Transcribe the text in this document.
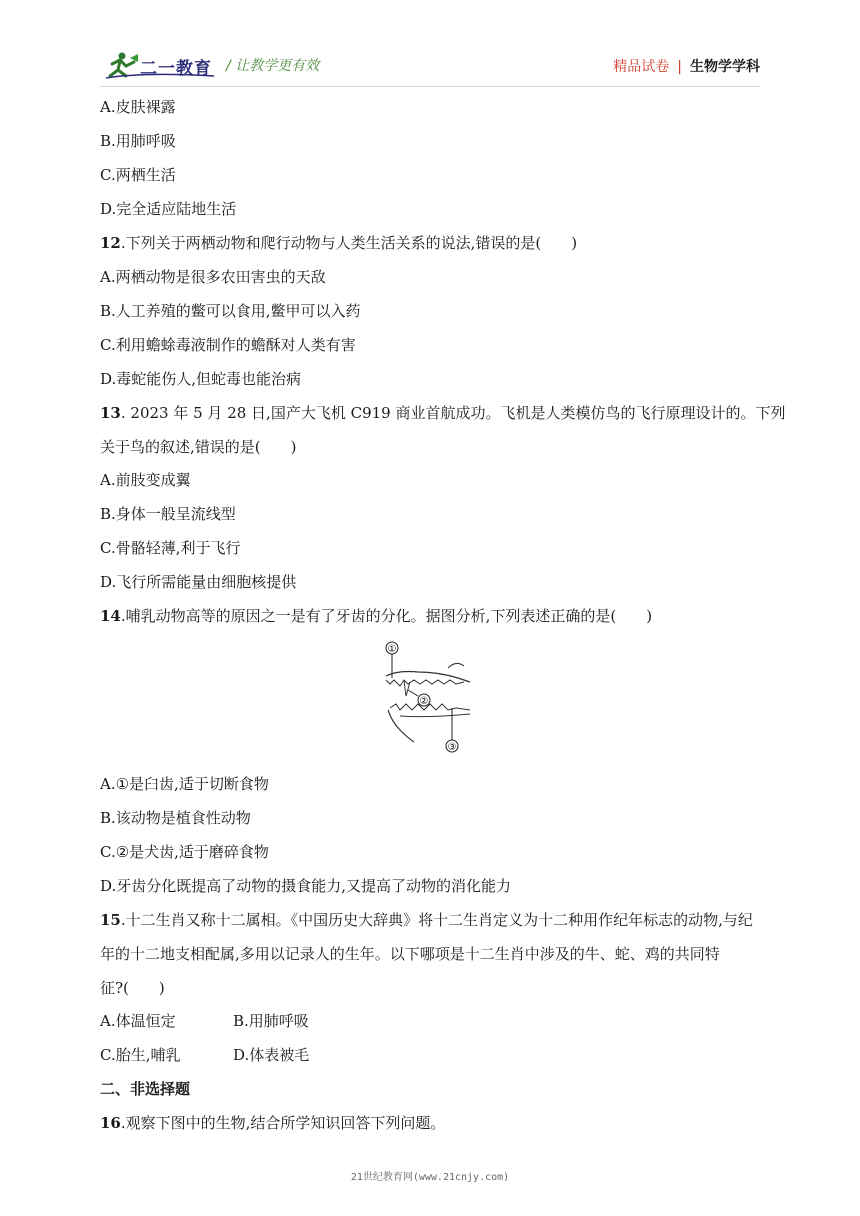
二一教育 / 让教学更有效	精品试卷 | 生物学学科
A.皮肤裸露
B.用肺呼吸
C.两栖生活
D.完全适应陆地生活
12.下列关于两栖动物和爬行动物与人类生活关系的说法,错误的是(　　)
A.两栖动物是很多农田害虫的天敌
B.人工养殖的鳖可以食用,鳖甲可以入药
C.利用蟾蜍毒液制作的蟾酥对人类有害
D.毒蛇能伤人,但蛇毒也能治病
13. 2023 年 5 月 28 日,国产大飞机 C919 商业首航成功。飞机是人类模仿鸟的飞行原理设计的。下列
关于鸟的叙述,错误的是(　　)
A.前肢变成翼
B.身体一般呈流线型
C.骨骼轻薄,利于飞行
D.飞行所需能量由细胞核提供
14.哺乳动物高等的原因之一是有了牙齿的分化。据图分析,下列表述正确的是(　　)
①
②
③
A.①是臼齿,适于切断食物
B.该动物是植食性动物
C.②是犬齿,适于磨碎食物
D.牙齿分化既提高了动物的摄食能力,又提高了动物的消化能力
15.十二生肖又称十二属相。《中国历史大辞典》将十二生肖定义为十二种用作纪年标志的动物,与纪
年的十二地支相配属,多用以记录人的生年。以下哪项是十二生肖中涉及的牛、蛇、鸡的共同特
征?(　　)
A.体温恒定	B.用肺呼吸
C.胎生,哺乳	D.体表被毛
二、非选择题
16.观察下图中的生物,结合所学知识回答下列问题。
21世纪教育网(www.21cnjy.com)
